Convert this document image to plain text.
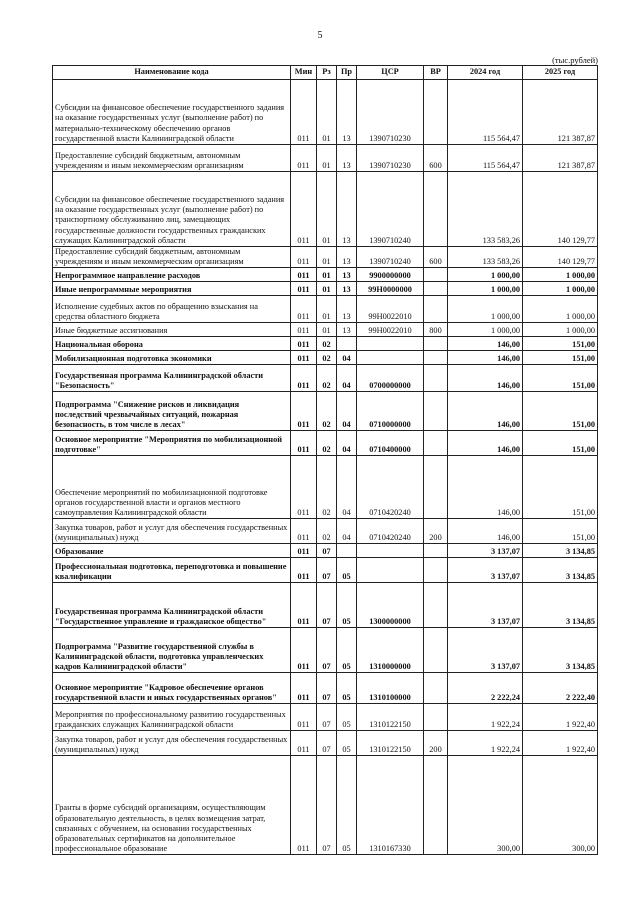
5
(тыс.рублей)
Наименование кода	Мин	Рз	Пр	ЦСР	ВР	2024 год	2025 год
Субсидии на финансовое обеспечение государственного задания на оказание государственных услуг (выполнение работ) по материально-техническому обеспечению органов государственной власти Калининградской области	011	01	13	1390710230		115 564,47	121 387,87
Предоставление субсидий бюджетным, автономным учреждениям и иным некоммерческим организациям	011	01	13	1390710230	600	115 564,47	121 387,87
Субсидии на финансовое обеспечение государственного задания на оказание государственных услуг (выполнение работ) по транспортному обслуживанию лиц, замещающих государственные должности государственных гражданских служащих Калининградской области	011	01	13	1390710240		133 583,26	140 129,77
Предоставление субсидий бюджетным, автономным учреждениям и иным некоммерческим организациям	011	01	13	1390710240	600	133 583,26	140 129,77
Непрограммное направление расходов	011	01	13	9900000000		1 000,00	1 000,00
Иные непрограммные мероприятия	011	01	13	99Н0000000		1 000,00	1 000,00
Исполнение судебных актов по обращению взыскания на средства областного бюджета	011	01	13	99Н0022010		1 000,00	1 000,00
Иные бюджетные ассигнования	011	01	13	99Н0022010	800	1 000,00	1 000,00
Национальная оборона	011	02				146,00	151,00
Мобилизационная подготовка экономики	011	02	04			146,00	151,00
Государственная программа Калининградской области "Безопасность"	011	02	04	0700000000		146,00	151,00
Подпрограмма "Снижение рисков и ликвидация последствий чрезвычайных ситуаций, пожарная безопасность, в том числе в лесах"	011	02	04	0710000000		146,00	151,00
Основное мероприятие "Мероприятия по мобилизационной подготовке"	011	02	04	0710400000		146,00	151,00
Обеспечение мероприятий по мобилизационной подготовке органов государственной власти и органов местного самоуправления Калининградской области	011	02	04	0710420240		146,00	151,00
Закупка товаров, работ и услуг для обеспечения государственных (муниципальных) нужд	011	02	04	0710420240	200	146,00	151,00
Образование	011	07				3 137,07	3 134,85
Профессиональная подготовка, переподготовка и повышение квалификации	011	07	05			3 137,07	3 134,85
Государственная программа Калининградской области "Государственное управление и гражданское общество"	011	07	05	1300000000		3 137,07	3 134,85
Подпрограмма "Развитие государственной службы в Калининградской области, подготовка управленческих кадров Калининградской области"	011	07	05	1310000000		3 137,07	3 134,85
Основное мероприятие "Кадровое обеспечение органов государственной власти и иных государственных органов"	011	07	05	1310100000		2 222,24	2 222,40
Мероприятия по профессиональному развитию государственных гражданских служащих Калининградской области	011	07	05	1310122150		1 922,24	1 922,40
Закупка товаров, работ и услуг для обеспечения государственных (муниципальных) нужд	011	07	05	1310122150	200	1 922,24	1 922,40
Гранты в форме субсидий организациям, осуществляющим образовательную деятельность, в целях возмещения затрат, связанных с обучением, на основании государственных образовательных сертификатов на дополнительное профессиональное образование	011	07	05	1310167330		300,00	300,00
